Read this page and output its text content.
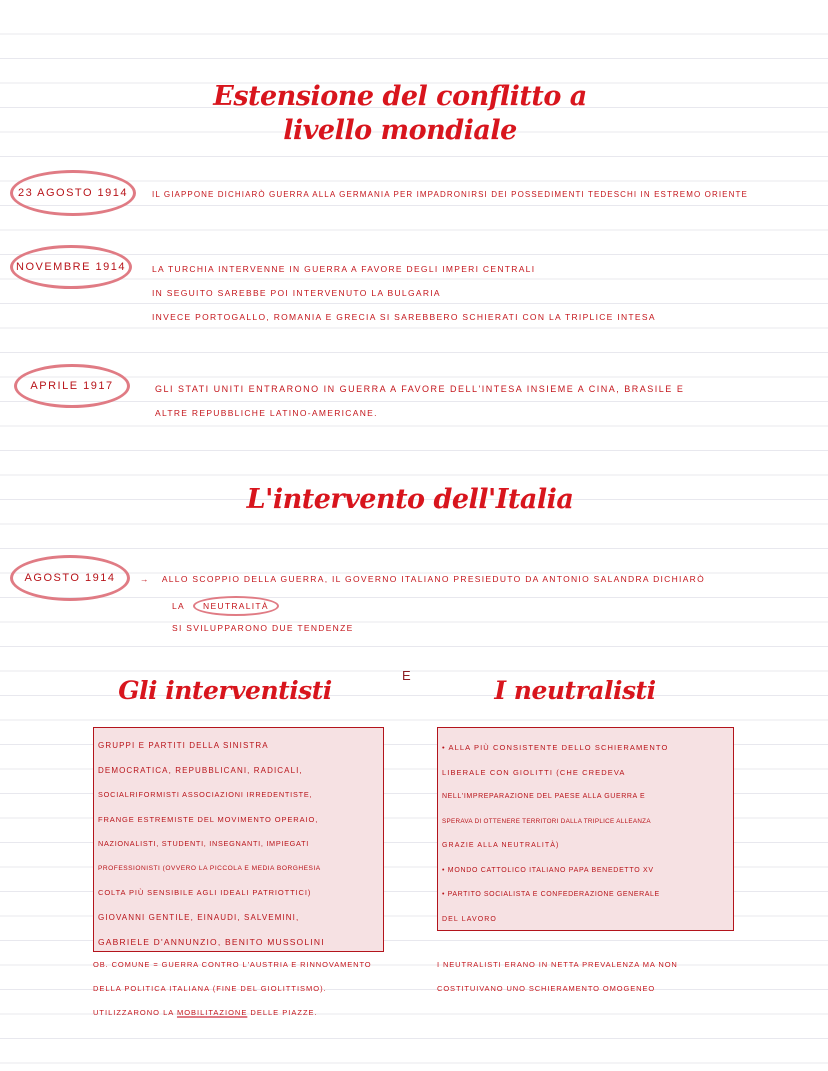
Estensione del conflitto a
livello mondiale
23 AGOSTO 1914	IL GIAPPONE DICHIARÒ GUERRA ALLA GERMANIA PER IMPADRONIRSI DEI POSSEDIMENTI TEDESCHI IN ESTREMO ORIENTE

NOVEMBRE 1914	LA TURCHIA INTERVENNE IN GUERRA A FAVORE DEGLI IMPERI CENTRALI

IN SEGUITO SAREBBE POI INTERVENUTO LA BULGARIA

INVECE PORTOGALLO, ROMANIA E GRECIA SI SAREBBERO SCHIERATI CON LA TRIPLICE INTESA

APRILE 1917	GLI STATI UNITI ENTRARONO IN GUERRA A FAVORE DELL'INTESA INSIEME A CINA, BRASILE E

ALTRE REPUBBLICHE LATINO-AMERICANE.

L'intervento dell'Italia
AGOSTO 1914	→ ALLO SCOPPIO DELLA GUERRA, IL GOVERNO ITALIANO PRESIEDUTO DA ANTONIO SALANDRA DICHIARÒ

LA NEUTRALITÀ

SI SVILUPPARONO DUE TENDENZE

E
Gli interventisti	I neutralisti
GRUPPI E PARTITI DELLA SINISTRA
DEMOCRATICA, REPUBBLICANI, RADICALI,
SOCIALRIFORMISTI ASSOCIAZIONI IRREDENTISTE,
FRANGE ESTREMISTE DEL MOVIMENTO OPERAIO,
NAZIONALISTI, STUDENTI, INSEGNANTI, IMPIEGATI
PROFESSIONISTI (OVVERO LA PICCOLA E MEDIA BORGHESIA
COLTA PIÙ SENSIBILE AGLI IDEALI PATRIOTTICI)
GIOVANNI GENTILE, EINAUDI, SALVEMINI,
GABRIELE D'ANNUNZIO, BENITO MUSSOLINI

OB. COMUNE = GUERRA CONTRO L'AUSTRIA E RINNOVAMENTO

DELLA POLITICA ITALIANA (FINE DEL GIOLITTISMO).

UTILIZZARONO LA MOBILITAZIONE DELLE PIAZZE.

• ALLA PIÙ CONSISTENTE DELLO SCHIERAMENTO
LIBERALE CON GIOLITTI (CHE CREDEVA
NELL'IMPREPARAZIONE DEL PAESE ALLA GUERRA E
SPERAVA DI OTTENERE TERRITORI DALLA TRIPLICE ALLEANZA
GRAZIE ALLA NEUTRALITÀ)
• MONDO CATTOLICO ITALIANO PAPA BENEDETTO XV
• PARTITO SOCIALISTA E CONFEDERAZIONE GENERALE
DEL LAVORO

I NEUTRALISTI ERANO IN NETTA PREVALENZA MA NON

COSTITUIVANO UNO SCHIERAMENTO OMOGENEO
